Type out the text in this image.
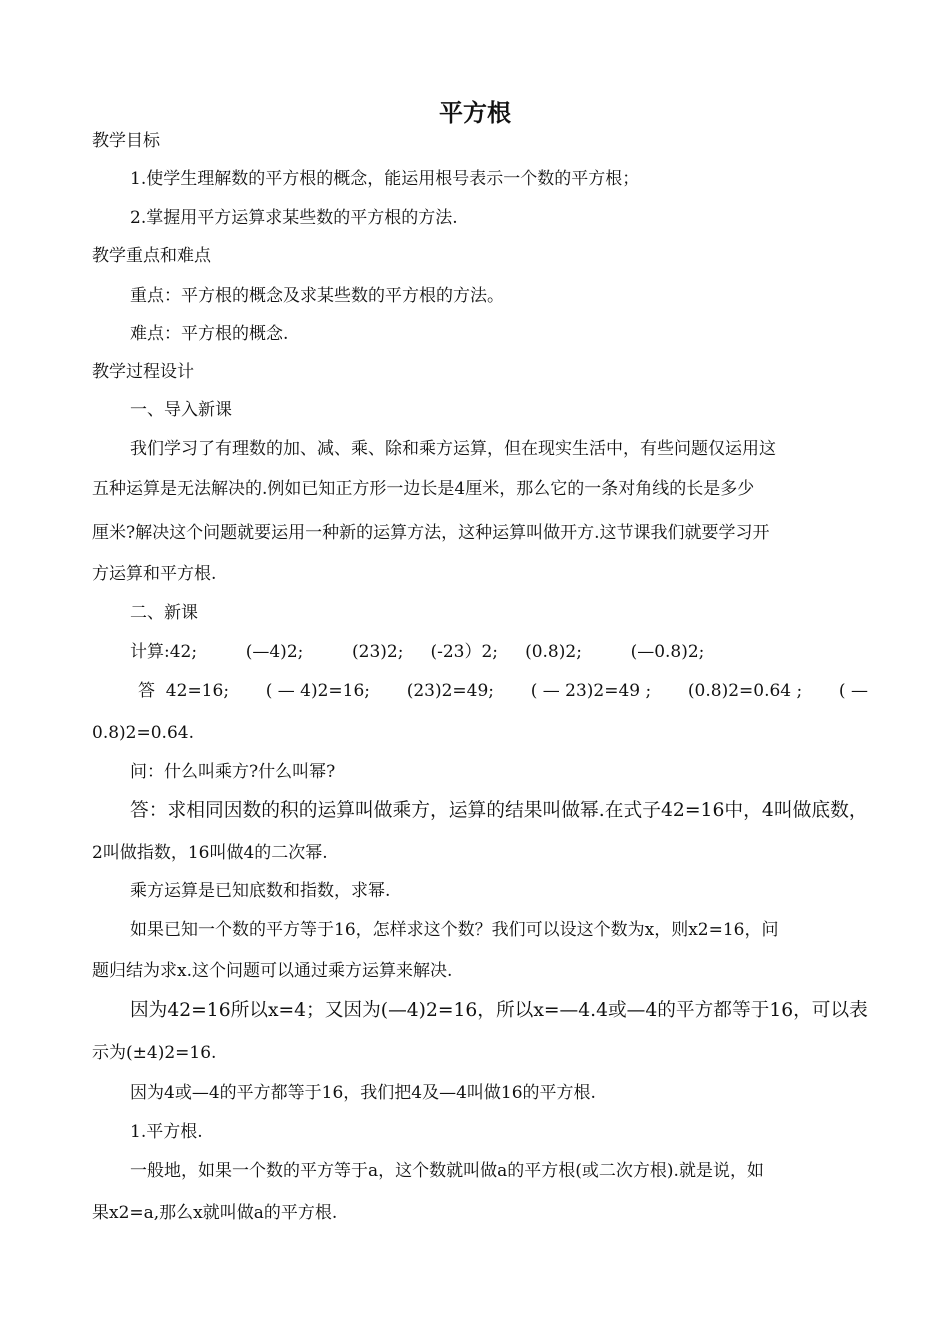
平方根
教学目标
1.使学生理解数的平方根的概念，能运用根号表示一个数的平方根；
2.掌握用平方运算求某些数的平方根的方法.
教学重点和难点
重点：平方根的概念及求某些数的平方根的方法。
难点：平方根的概念.
教学过程设计
一、导入新课
我们学习了有理数的加、减、乘、除和乘方运算，但在现实生活中，有些问题仅运用这
五种运算是无法解决的.例如已知正方形一边长是4厘米，那么它的一条对角线的长是多少
厘米?解决这个问题就要运用一种新的运算方法，这种运算叫做开方.这节课我们就要学习开
方运算和平方根.
二、新课
计算:42;	(—4)2;	(23)2; (-23）2; (0.8)2;	(—0.8)2;
答  42=16; ( — 4)2=16; (23)2=49; ( — 23)2=49 ; (0.8)2=0.64 ; ( —
0.8)2=0.64.
问：什么叫乘方?什么叫幂?
答：求相同因数的积的运算叫做乘方，运算的结果叫做幂.在式子42=16中，4叫做底数，
2叫做指数，16叫做4的二次幂.
乘方运算是已知底数和指数，求幂.
如果已知一个数的平方等于16，怎样求这个数？我们可以设这个数为x，则x2=16，问
题归结为求x.这个问题可以通过乘方运算来解决.
因为42=16所以x=4；又因为(—4)2=16，所以x=—4.4或—4的平方都等于16，可以表
示为(±4)2=16.
因为4或—4的平方都等于16，我们把4及—4叫做16的平方根.
1.平方根.
一般地，如果一个数的平方等于a，这个数就叫做a的平方根(或二次方根).就是说，如
果x2=a,那么x就叫做a的平方根.
